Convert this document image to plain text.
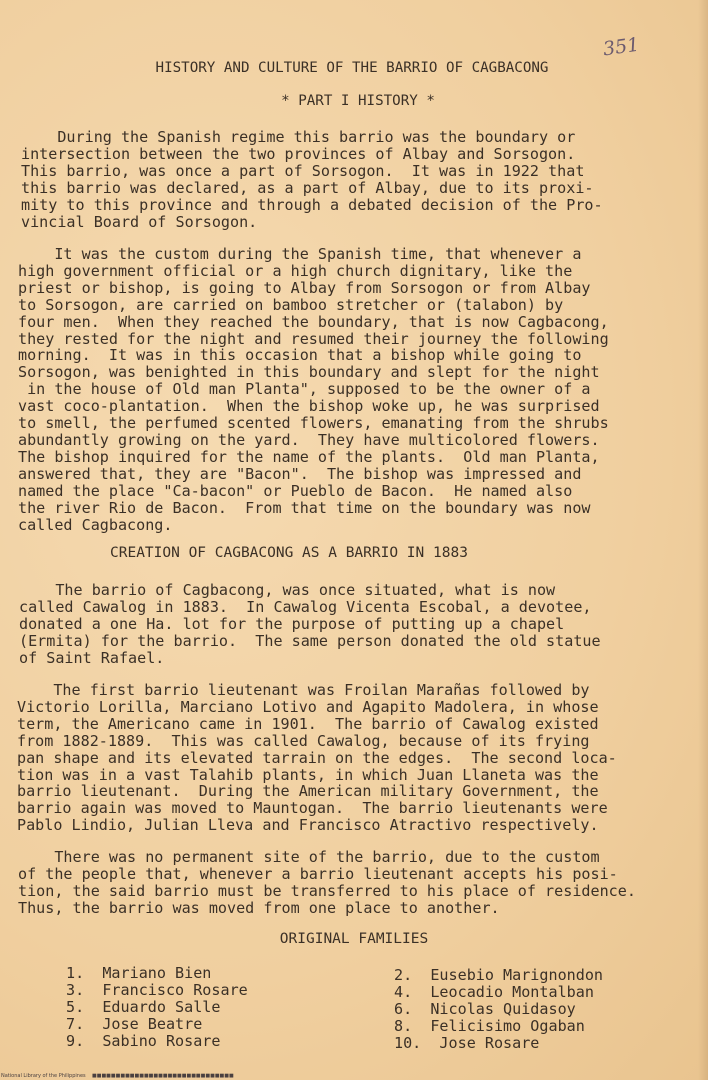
351
HISTORY AND CULTURE OF THE BARRIO OF CAGBACONG
* PART I HISTORY *

During the Spanish regime this barrio was the boundary or
intersection between the two provinces of Albay and Sorsogon.
This barrio, was once a part of Sorsogon.  It was in 1922 that
this barrio was declared, as a part of Albay, due to its proxi-
mity to this province and through a debated decision of the Pro-
vincial Board of Sorsogon.

It was the custom during the Spanish time, that whenever a
high government official or a high church dignitary, like the
priest or bishop, is going to Albay from Sorsogon or from Albay
to Sorsogon, are carried on bamboo stretcher or (talabon) by
four men.  When they reached the boundary, that is now Cagbacong,
they rested for the night and resumed their journey the following
morning.  It was in this occasion that a bishop while going to
Sorsogon, was benighted in this boundary and slept for the night
in the house of Old man Planta", supposed to be the owner of a
vast coco-plantation.  When the bishop woke up, he was surprised
to smell, the perfumed scented flowers, emanating from the shrubs
abundantly growing on the yard.  They have multicolored flowers.
The bishop inquired for the name of the plants.  Old man Planta,
answered that, they are "Bacon".  The bishop was impressed and
named the place "Ca-bacon" or Pueblo de Bacon.  He named also
the river Rio de Bacon.  From that time on the boundary was now
called Cagbacong.

CREATION OF CAGBACONG AS A BARRIO IN 1883

The barrio of Cagbacong, was once situated, what is now
called Cawalog in 1883.  In Cawalog Vicenta Escobal, a devotee,
donated a one Ha. lot for the purpose of putting up a chapel
(Ermita) for the barrio.  The same person donated the old statue
of Saint Rafael.

The first barrio lieutenant was Froilan Marañas followed by
Victorio Lorilla, Marciano Lotivo and Agapito Madolera, in whose
term, the Americano came in 1901.  The barrio of Cawalog existed
from 1882-1889.  This was called Cawalog, because of its frying
pan shape and its elevated tarrain on the edges.  The second loca-
tion was in a vast Talahib plants, in which Juan Llaneta was the
barrio lieutenant.  During the American military Government, the
barrio again was moved to Mauntogan.  The barrio lieutenants were
Pablo Lindio, Julian Lleva and Francisco Atractivo respectively.

There was no permanent site of the barrio, due to the custom
of the people that, whenever a barrio lieutenant accepts his posi-
tion, the said barrio must be transferred to his place of residence.
Thus, the barrio was moved from one place to another.

ORIGINAL FAMILIES
1.  Mariano Bien
3.  Francisco Rosare
5.  Eduardo Salle
7.  Jose Beatre
9.  Sabino Rosare
2.  Eusebio Marignondon
4.  Leocadio Montalban
6.  Nicolas Quidasoy
8.  Felicisimo Ogaban
10.  Jose Rosare
National Library of the Philippines    ■■■■■■■■■■■■■■■■■■■■■■■■■■■■■■
